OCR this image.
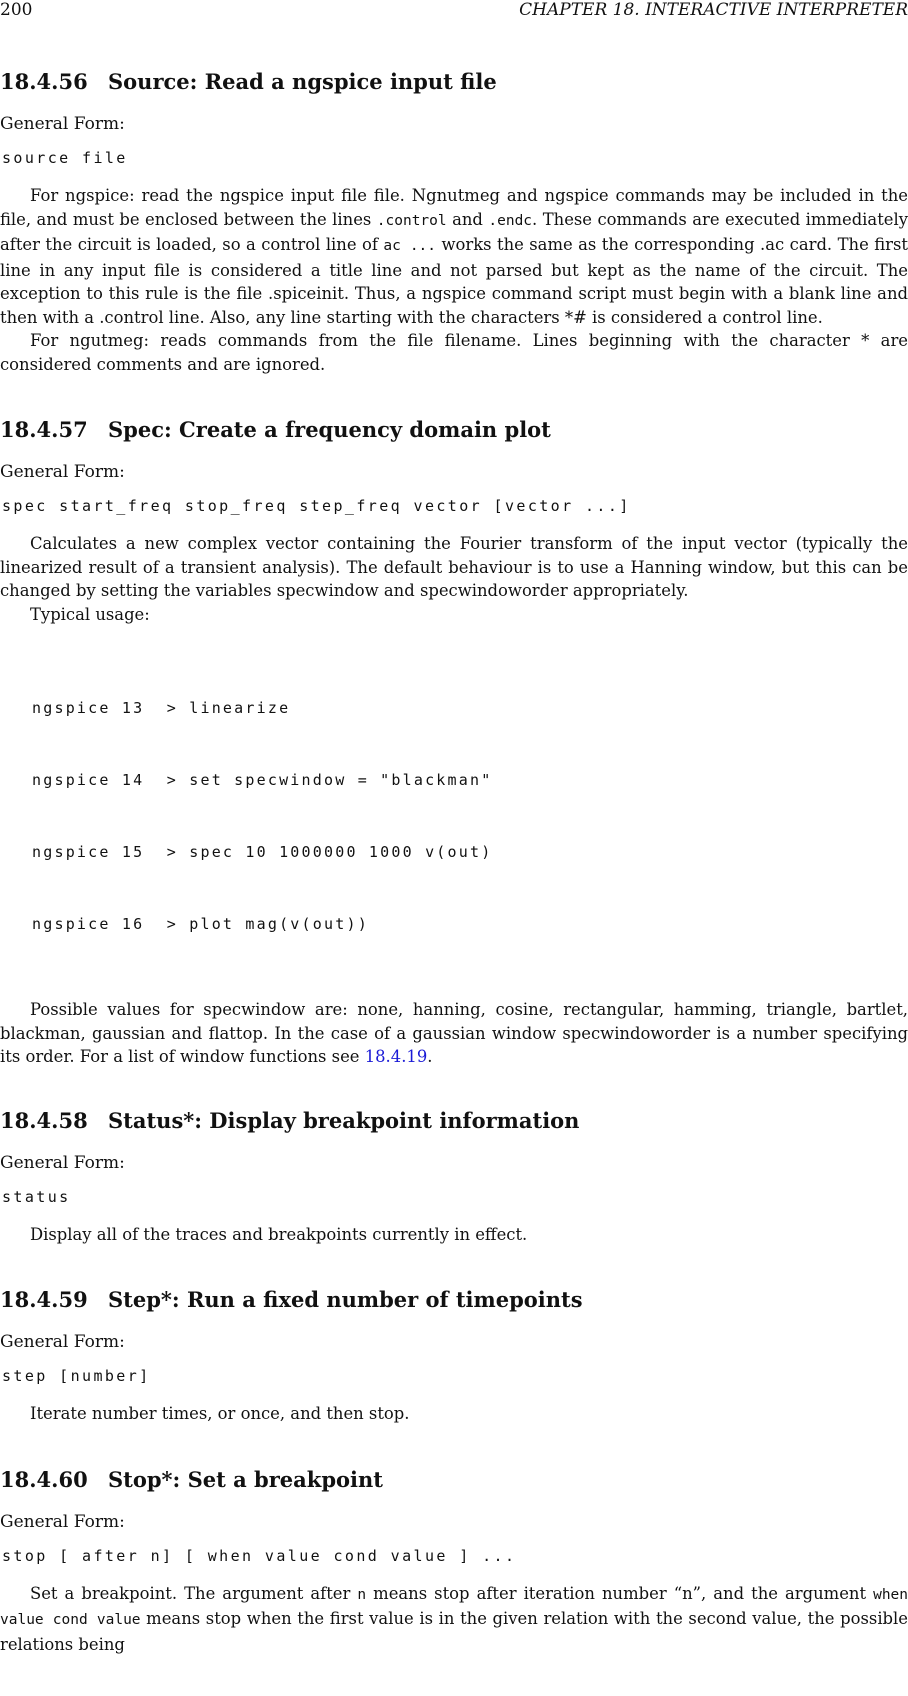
200	CHAPTER 18. INTERACTIVE INTERPRETER
18.4.56 Source: Read a ngspice input file
General Form:
source file

For ngspice: read the ngspice input file file. Ngnutmeg and ngspice commands may be included in the file, and must be enclosed between the lines .control and .endc. These commands are executed immediately after the circuit is loaded, so a control line of ac ... works the same as the corresponding .ac card. The first line in any input file is considered a title line and not parsed but kept as the name of the circuit. The exception to this rule is the file .spiceinit. Thus, a ngspice command script must begin with a blank line and then with a .control line. Also, any line starting with the characters *# is considered a control line.

For ngutmeg: reads commands from the file filename. Lines beginning with the character * are considered comments and are ignored.

18.4.57 Spec: Create a frequency domain plot
General Form:
spec start_freq stop_freq step_freq vector [vector ...]

Calculates a new complex vector containing the Fourier transform of the input vector (typically the linearized result of a transient analysis). The default behaviour is to use a Hanning window, but this can be changed by setting the variables specwindow and specwindoworder appropriately.

Typical usage:

ngspice 13  > linearize

ngspice 14  > set specwindow = "blackman"

ngspice 15  > spec 10 1000000 1000 v(out)

ngspice 16  > plot mag(v(out))

Possible values for specwindow are: none, hanning, cosine, rectangular, hamming, triangle, bartlet, blackman, gaussian and flattop. In the case of a gaussian window specwindoworder is a number specifying its order. For a list of window functions see 18.4.19.

18.4.58 Status*: Display breakpoint information
General Form:
status

Display all of the traces and breakpoints currently in effect.

18.4.59 Step*: Run a fixed number of timepoints
General Form:
step [number]

Iterate number times, or once, and then stop.

18.4.60 Stop*: Set a breakpoint
General Form:
stop [ after n] [ when value cond value ] ...

Set a breakpoint. The argument after n means stop after iteration number “n”, and the argument when value cond value means stop when the first value is in the given relation with the second value, the possible relations being
